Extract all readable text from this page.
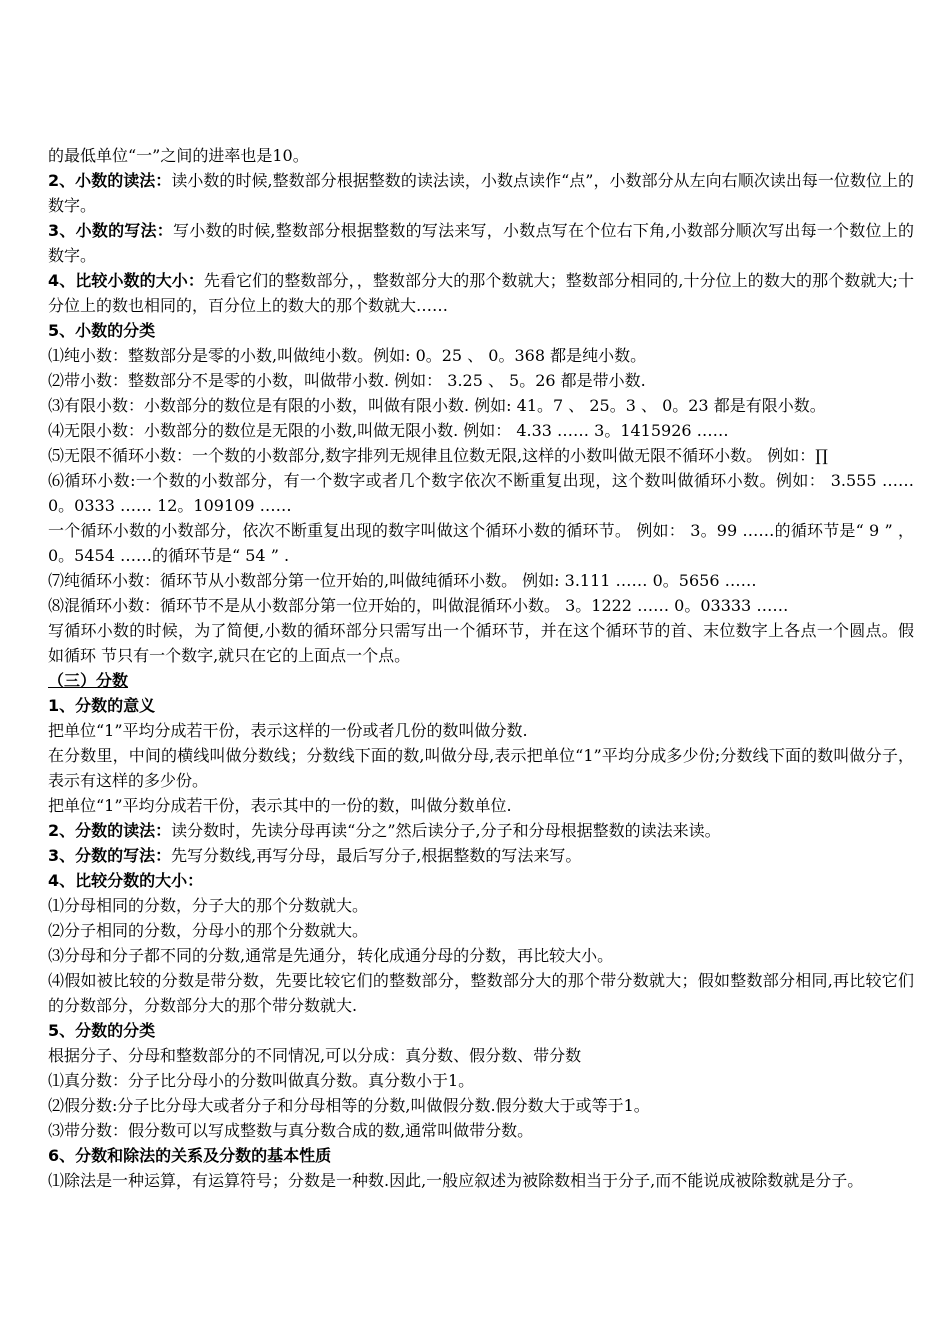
的最低单位“一”之间的进率也是10。

2、小数的读法：读小数的时候,整数部分根据整数的读法读，小数点读作“点”，小数部分从左向右顺次读出每一位数位上的数字。

3、小数的写法：写小数的时候,整数部分根据整数的写法来写，小数点写在个位右下角,小数部分顺次写出每一个数位上的数字。

4、比较小数的大小：先看它们的整数部分，，整数部分大的那个数就大；整数部分相同的,十分位上的数大的那个数就大;十分位上的数也相同的，百分位上的数大的那个数就大……

5、小数的分类

⑴纯小数：整数部分是零的小数,叫做纯小数。例如: 0。25 、 0。368 都是纯小数。

⑵带小数：整数部分不是零的小数，叫做带小数. 例如： 3.25 、 5。26 都是带小数.

⑶有限小数：小数部分的数位是有限的小数，叫做有限小数. 例如: 41。7 、 25。3 、 0。23 都是有限小数。

⑷无限小数：小数部分的数位是无限的小数,叫做无限小数. 例如： 4.33 …… 3。1415926 ……

⑸无限不循环小数：一个数的小数部分,数字排列无规律且位数无限,这样的小数叫做无限不循环小数。 例如：∏

⑹循环小数:一个数的小数部分，有一个数字或者几个数字依次不断重复出现，这个数叫做循环小数。例如： 3.555 …… 0。0333 …… 12。109109 ……

一个循环小数的小数部分，依次不断重复出现的数字叫做这个循环小数的循环节。 例如： 3。99 ……的循环节是“ 9 ” ， 0。5454 ……的循环节是“ 54 ” .

⑺纯循环小数：循环节从小数部分第一位开始的,叫做纯循环小数。 例如: 3.111 …… 0。5656 ……

⑻混循环小数：循环节不是从小数部分第一位开始的，叫做混循环小数。 3。1222 …… 0。03333 ……

写循环小数的时候，为了简便,小数的循环部分只需写出一个循环节，并在这个循环节的首、末位数字上各点一个圆点。假如循环 节只有一个数字,就只在它的上面点一个点。

（三）分数

1、分数的意义

把单位“1”平均分成若干份，表示这样的一份或者几份的数叫做分数.

在分数里，中间的横线叫做分数线；分数线下面的数,叫做分母,表示把单位“1”平均分成多少份;分数线下面的数叫做分子，表示有这样的多少份。

把单位“1”平均分成若干份，表示其中的一份的数，叫做分数单位.

2、分数的读法：读分数时，先读分母再读“分之”然后读分子,分子和分母根据整数的读法来读。

3、分数的写法：先写分数线,再写分母，最后写分子,根据整数的写法来写。

4、比较分数的大小：

⑴分母相同的分数，分子大的那个分数就大。

⑵分子相同的分数，分母小的那个分数就大。

⑶分母和分子都不同的分数,通常是先通分，转化成通分母的分数，再比较大小。

⑷假如被比较的分数是带分数，先要比较它们的整数部分，整数部分大的那个带分数就大；假如整数部分相同,再比较它们的分数部分，分数部分大的那个带分数就大.

5、分数的分类

根据分子、分母和整数部分的不同情况,可以分成：真分数、假分数、带分数

⑴真分数：分子比分母小的分数叫做真分数。真分数小于1。

⑵假分数:分子比分母大或者分子和分母相等的分数,叫做假分数.假分数大于或等于1。

⑶带分数：假分数可以写成整数与真分数合成的数,通常叫做带分数。

6、分数和除法的关系及分数的基本性质

⑴除法是一种运算，有运算符号；分数是一种数.因此,一般应叙述为被除数相当于分子,而不能说成被除数就是分子。
